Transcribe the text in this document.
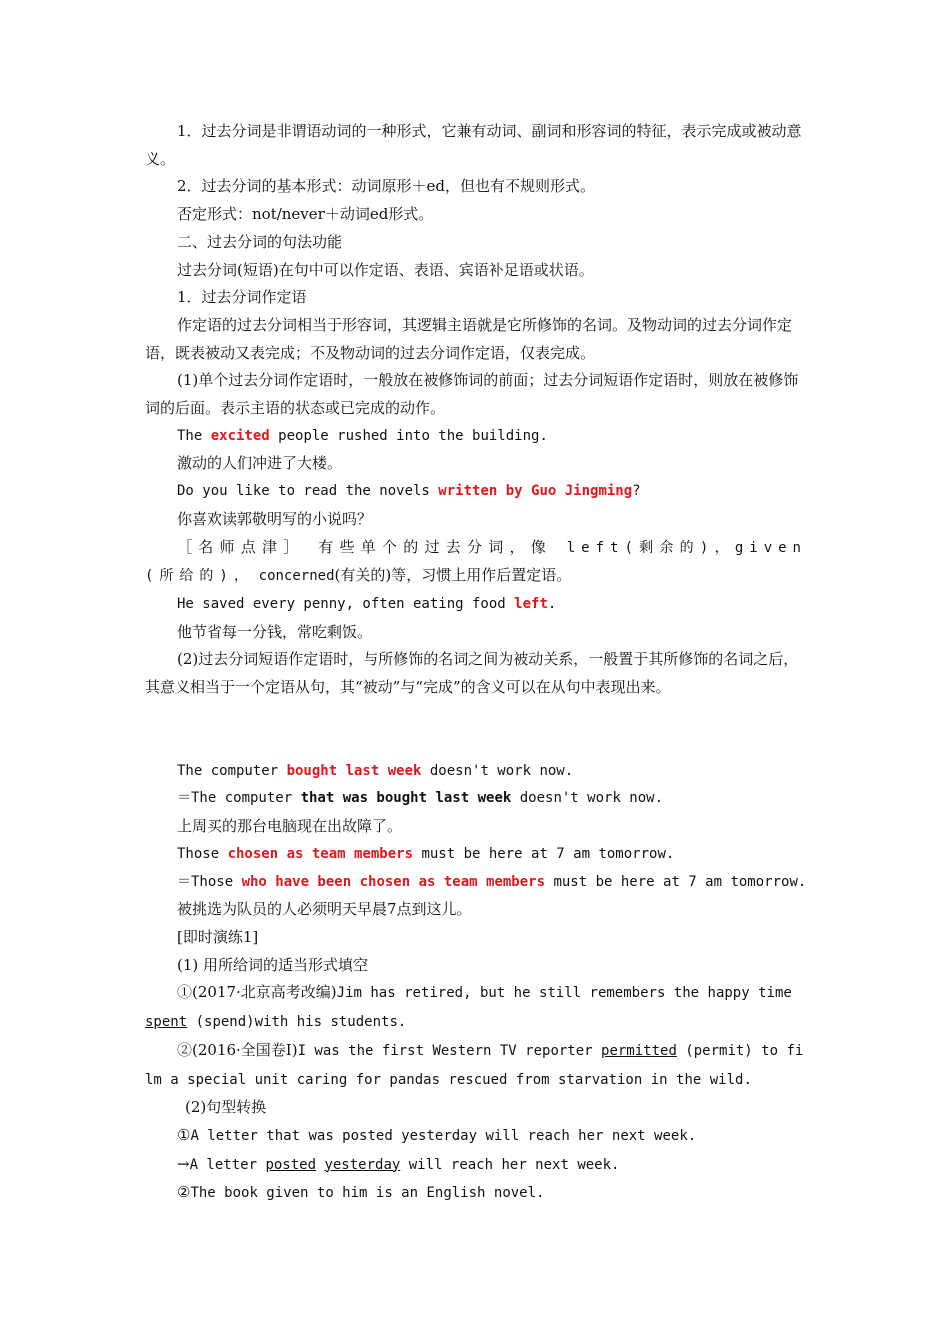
1．过去分词是非谓语动词的一种形式，它兼有动词、副词和形容词的特征，表示完成或被动意义。

2．过去分词的基本形式：动词原形＋ed，但也有不规则形式。

否定形式：not/never＋动词ed形式。

二、过去分词的句法功能

过去分词(短语)在句中可以作定语、表语、宾语补足语或状语。

1．过去分词作定语

作定语的过去分词相当于形容词，其逻辑主语就是它所修饰的名词。及物动词的过去分词作定语，既表被动又表完成；不及物动词的过去分词作定语，仅表完成。

(1)单个过去分词作定语时，一般放在被修饰词的前面；过去分词短语作定语时，则放在被修饰词的后面。表示主语的状态或已完成的动作。

The excited people rushed into the building.

激动的人们冲进了大楼。

Do you like to read the novels written by Guo Jingming?

你喜欢读郭敬明写的小说吗？

［名师点津］　有些单个的过去分词，像 left(剩余的)，given(所给的)， concerned(有关的)等，习惯上用作后置定语。

He saved every penny, often eating food left.

他节省每一分钱，常吃剩饭。

(2)过去分词短语作定语时，与所修饰的名词之间为被动关系，一般置于其所修饰的名词之后，其意义相当于一个定语从句，其“被动”与“完成”的含义可以在从句中表现出来。

The computer bought last week doesn't work now.

＝The computer that was bought last week doesn't work now.

上周买的那台电脑现在出故障了。

Those chosen as team members must be here at 7 am tomorrow.

＝Those who have been chosen as team members must be here at 7 am tomorrow.

被挑选为队员的人必须明天早晨7点到这儿。

[即时演练1]

(1) 用所给词的适当形式填空

①(2017·北京高考改编)Jim has retired, but he still remembers the happy time spent (spend)with his students.

②(2016·全国卷Ⅰ)I was the first Western TV reporter permitted (permit) to film a special unit caring for pandas rescued from starvation in the wild.

(2)句型转换

①A letter that was posted yesterday will reach her next week.

→A letter posted yesterday will reach her next week.

②The book given to him is an English novel.
